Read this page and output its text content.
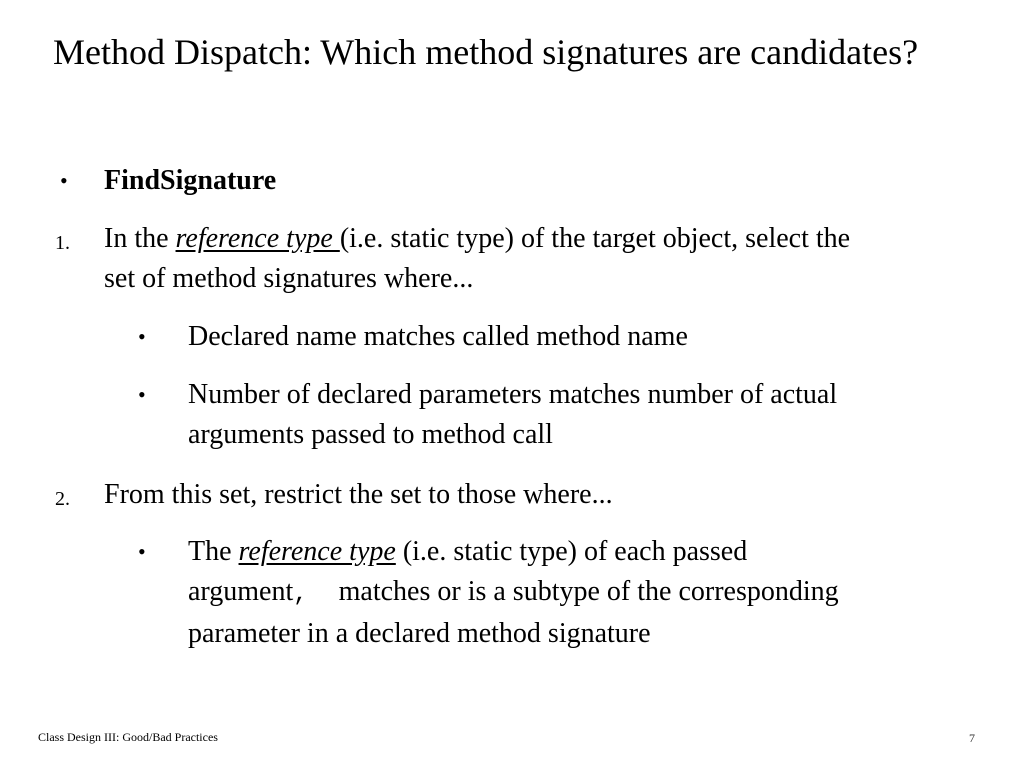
Method Dispatch: Which method signatures are candidates?
• FindSignature
1. In the reference type (i.e. static type) of the target object, select the
set of method signatures where...
• Declared name matches called method name
• Number of declared parameters matches number of actual
arguments passed to method call
2. From this set, restrict the set to those where...
• The reference type (i.e. static type) of each passed
argument, matches or is a subtype of the corresponding
parameter in a declared method signature
Class Design III: Good/Bad Practices	7
